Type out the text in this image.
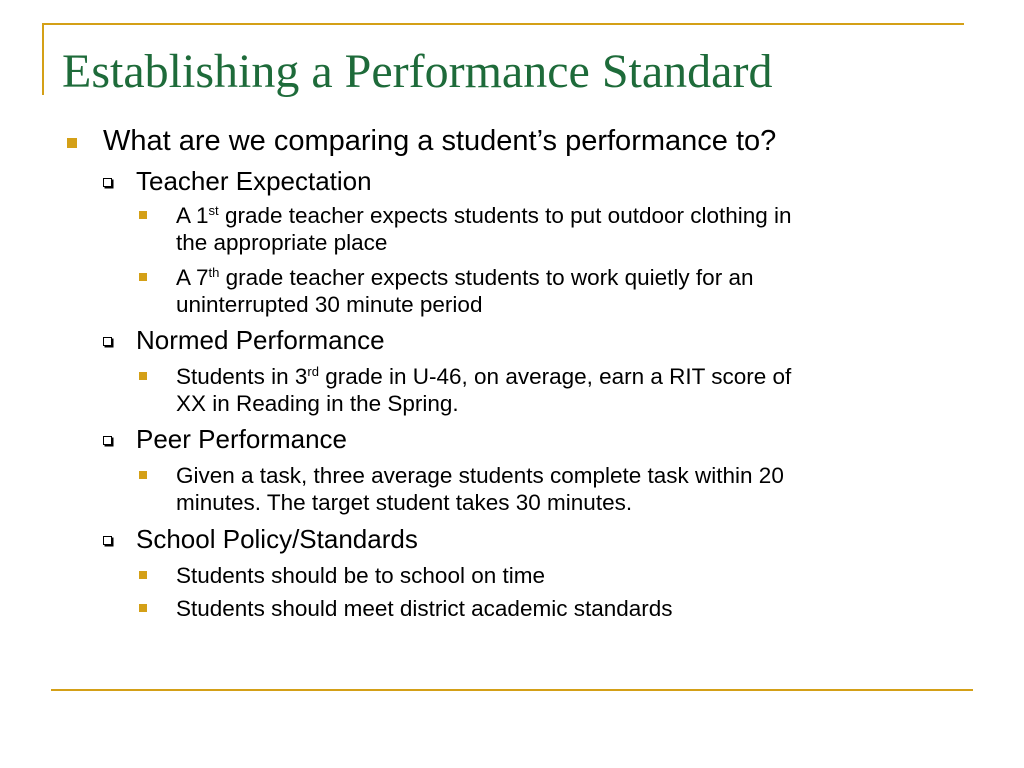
Establishing a Performance Standard
What are we comparing a student’s performance to?
Teacher Expectation
A 1st grade teacher expects students to put outdoor clothing in
the appropriate place
A 7th grade teacher expects students to work quietly for an
uninterrupted 30 minute period
Normed Performance
Students in 3rd grade in U-46, on average, earn a RIT score of
XX in Reading in the Spring.
Peer Performance
Given a task, three average students complete task within 20
minutes. The target student takes 30 minutes.
School Policy/Standards
Students should be to school on time
Students should meet district academic standards
